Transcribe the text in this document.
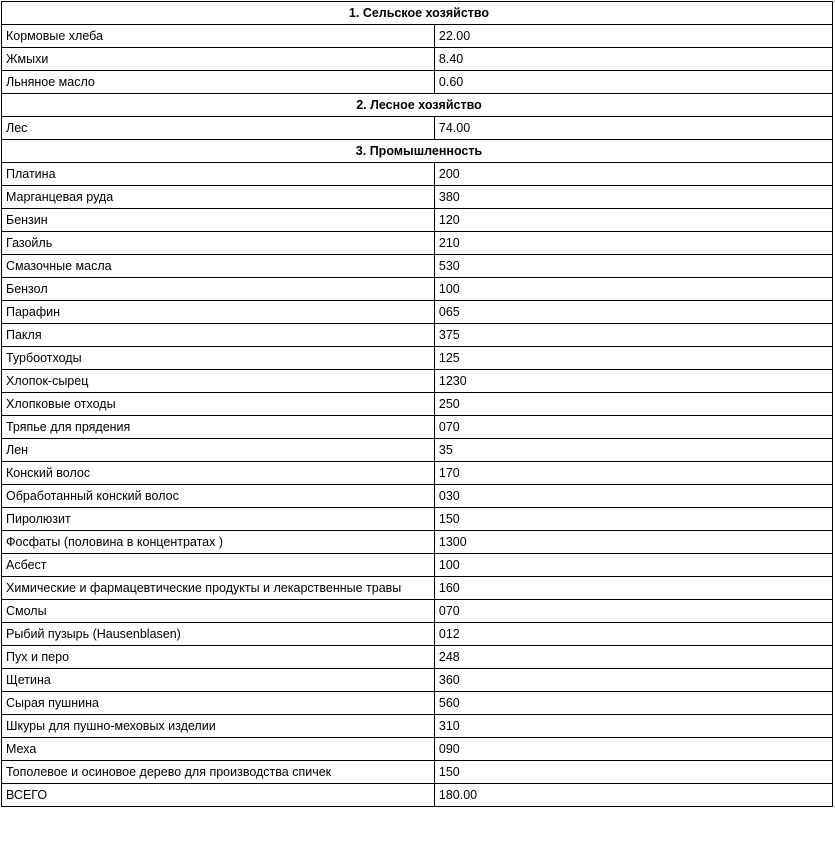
1. Сельское хозяйство	
Кормовые хлеба	22.00
Жмыхи	8.40
Льняное масло	0.60
2. Лесное хозяйство	
Лес	74.00
3. Промышленность	
Платина	200
Марганцевая руда	380
Бензин	120
Газойль	210
Смазочные масла	530
Бензол	100
Парафин	065
Пакля	375
Турбоотходы	125
Хлопок-сырец	1230
Хлопковые отходы	250
Тряпье для прядения	070
Лен	35
Конский волос	170
Обработанный конский волос	030
Пиролюзит	150
Фосфаты (половина в концентратах )	1300
Асбест	100
Химические и фармацевтические продукты и лекарственные травы	160
Смолы	070
Рыбий пузырь (Hausenblasen)	012
Пух и перо	248
Щетина	360
Сырая пушнина	560
Шкуры для пушно-меховых изделии	310
Меха	090
Тополевое и осиновое дерево для производства спичек	150
ВСЕГО	180.00
